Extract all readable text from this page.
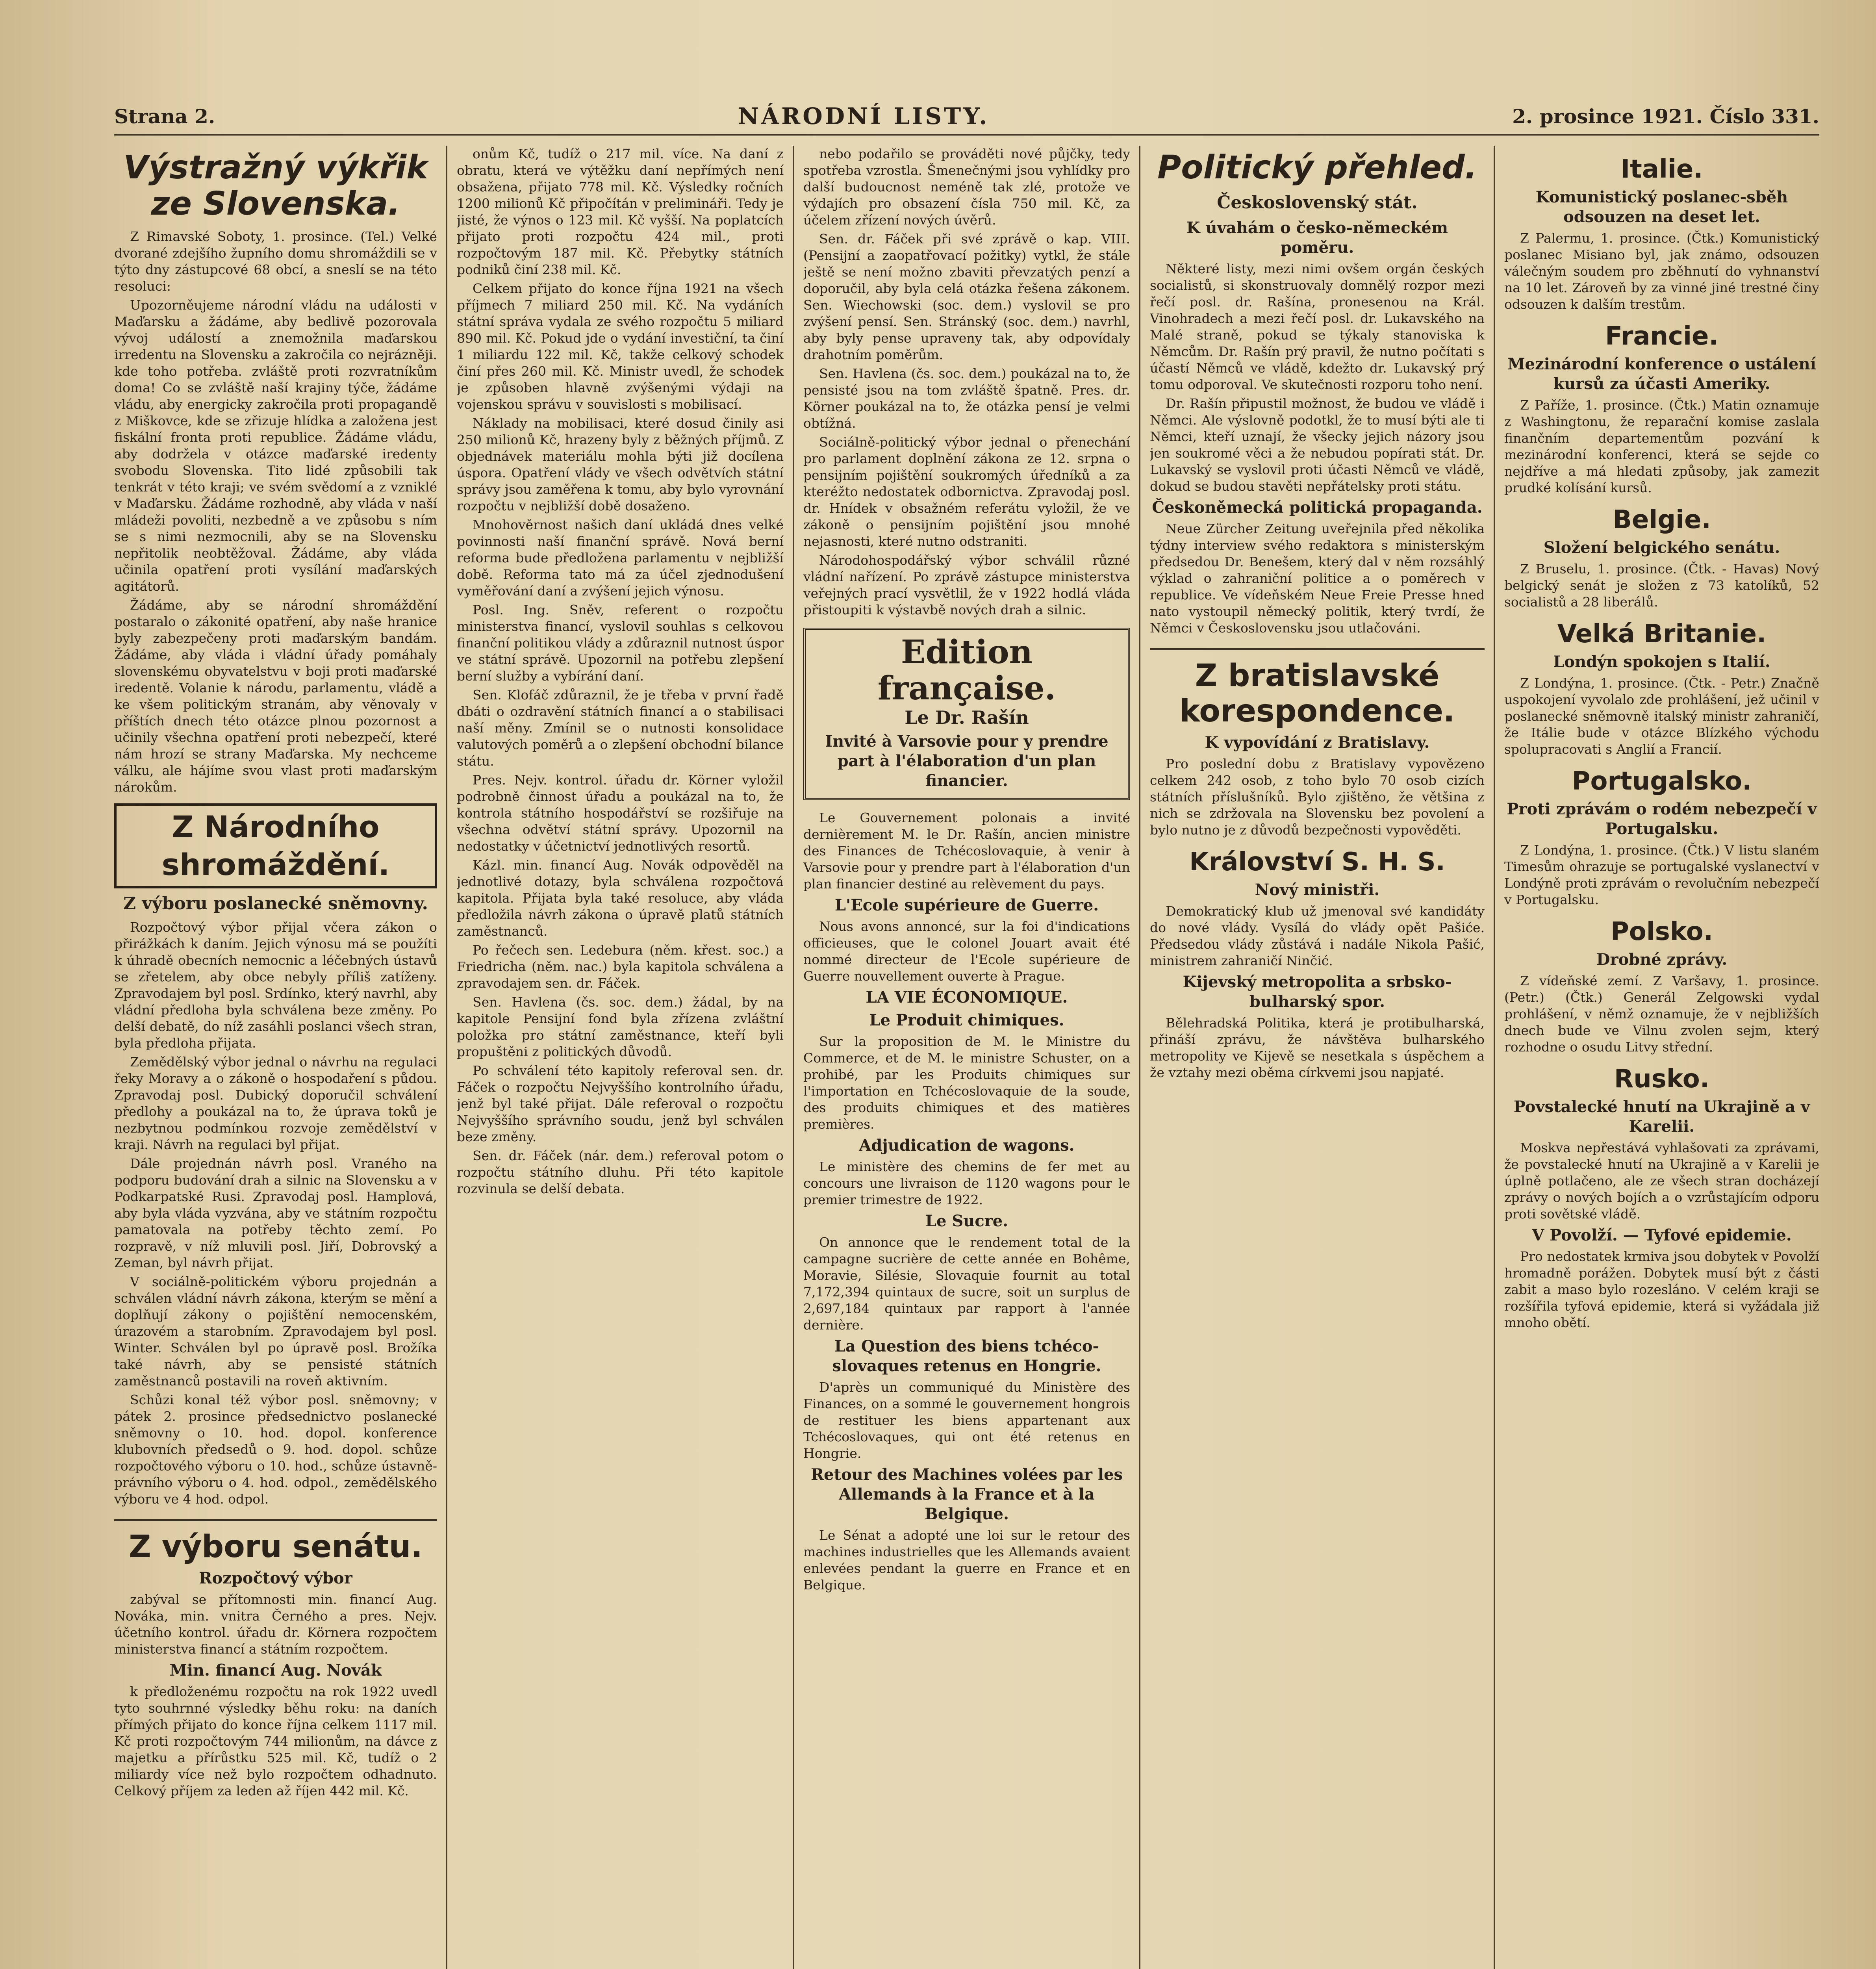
Strana 2.	NÁRODNÍ LISTY.	2. prosince 1921. Číslo 331.
Výstražný výkřik ze Slovenska.

Z Rimavské Soboty, 1. prosince. (Tel.) Velké dvorané zdejšího župního domu shromáždili se v týto dny zástupcové 68 obcí, a sneslí se na této resoluci:

Upozorněujeme národní vládu na události v Maďarsku a žádáme, aby bedlivě pozorovala vývoj událostí a znemožnila maďarskou irredentu na Slovensku a zakročila co nejrázněji. kde toho potřeba. zvláště proti rozvratníkům doma! Co se zvláště naší krajiny týče, žádáme vládu, aby energicky zakročila proti propagandě z Miškovce, kde se zřizuje hlídka a založena jest fiskální fronta proti republice. Žádáme vládu, aby dodržela v otázce maďarské iredenty svobodu Slovenska. Tito lidé způsobili tak tenkrát v této kraji; ve svém svědomí a z vzniklé v Maďarsku. Žádáme rozhodně, aby vláda v naší mládeži povoliti, nezbedně a ve způsobu s ním se s nimi nezmocnili, aby se na Slovensku nepřitolik neobtěžoval. Žádáme, aby vláda učinila opatření proti vysílání maďarských agitátorů.

Žádáme, aby se národní shromáždění postaralo o zákonité opatření, aby naše hranice byly zabezpečeny proti maďarským bandám. Žádáme, aby vláda i vládní úřady pomáhaly slovenskému obyvatelstvu v boji proti maďarské iredentě. Volanie k národu, parlamentu, vládě a ke všem politickým stranám, aby věnovaly v příštích dnech této otázce plnou pozornost a učinily všechna opatření proti nebezpečí, které nám hrozí se strany Maďarska. My nechceme válku, ale hájíme svou vlast proti maďarským nárokům.

Z Národního shromáždění.
Z výboru poslanecké sněmovny.

Rozpočtový výbor přijal včera zákon o přirážkách k daním. Jejich výnosu má se použíti k úhradě obecních nemocnic a léčebných ústavů se zřetelem, aby obce nebyly příliš zatíženy. Zpravodajem byl posl. Srdínko, který navrhl, aby vládní předloha byla schválena beze změny. Po delší debatě, do níž zasáhli poslanci všech stran, byla předloha přijata.

Zemědělský výbor jednal o návrhu na regulaci řeky Moravy a o zákoně o hospodaření s půdou. Zpravodaj posl. Dubický doporučil schválení předlohy a poukázal na to, že úprava toků je nezbytnou podmínkou rozvoje zemědělství v kraji. Návrh na regulaci byl přijat.

Dále projednán návrh posl. Vraného na podporu budování drah a silnic na Slovensku a v Podkarpatské Rusi. Zpravodaj posl. Hamplová, aby byla vláda vyzvána, aby ve státním rozpočtu pamatovala na potřeby těchto zemí. Po rozpravě, v níž mluvili posl. Jiří, Dobrovský a Zeman, byl návrh přijat.

V sociálně-politickém výboru projednán a schválen vládní návrh zákona, kterým se mění a doplňují zákony o pojištění nemocenském, úrazovém a starobním. Zpravodajem byl posl. Winter. Schválen byl po úpravě posl. Brožíka také návrh, aby se pensisté státních zaměstnanců postavili na roveň aktivním.

Schůzi konal též výbor posl. sněmovny; v pátek 2. prosince předsednictvo poslanecké sněmovny o 10. hod. dopol. konference klubovních předsedů o 9. hod. dopol. schůze rozpočtového výboru o 10. hod., schůze ústavně-právního výboru o 4. hod. odpol., zemědělského výboru ve 4 hod. odpol.

Z výboru senátu.
Rozpočtový výbor

zabýval se přítomnosti min. financí Aug. Nováka, min. vnitra Černého a pres. Nejv. účetního kontrol. úřadu dr. Körnera rozpočtem ministerstva financí a státním rozpočtem.

Min. financí Aug. Novák

k předloženému rozpočtu na rok 1922 uvedl tyto souhrnné výsledky běhu roku: na daních přímých přijato do konce října celkem 1117 mil. Kč proti rozpočtovým 744 milionům, na dávce z majetku a přírůstku 525 mil. Kč, tudíž o 2 miliardy více než bylo rozpočtem odhadnuto. Celkový příjem za leden až říjen 442 mil. Kč.

onům Kč, tudíž o 217 mil. více. Na daní z obratu, která ve výtěžku daní nepřímých není obsažena, přijato 778 mil. Kč. Výsledky ročních 1200 milionů Kč připočítán v prelimináři. Tedy je jisté, že výnos o 123 mil. Kč vyšší. Na poplatcích přijato proti rozpočtu 424 mil., proti rozpočtovým 187 mil. Kč. Přebytky státních podniků činí 238 mil. Kč.

Celkem přijato do konce října 1921 na všech příjmech 7 miliard 250 mil. Kč. Na vydáních státní správa vydala ze svého rozpočtu 5 miliard 890 mil. Kč. Pokud jde o vydání investiční, ta činí 1 miliardu 122 mil. Kč, takže celkový schodek činí přes 260 mil. Kč. Ministr uvedl, že schodek je způsoben hlavně zvýšenými výdaji na vojenskou správu v souvislosti s mobilisací.

Náklady na mobilisaci, které dosud činily asi 250 milionů Kč, hrazeny byly z běžných příjmů. Z objednávek materiálu mohla býti již docílena úspora. Opatření vlády ve všech odvětvích státní správy jsou zaměřena k tomu, aby bylo vyrovnání rozpočtu v nejbližší době dosaženo.

Mnohověrnost našich daní ukládá dnes velké povinnosti naší finanční správě. Nová berní reforma bude předložena parlamentu v nejbližší době. Reforma tato má za účel zjednodušení vyměřování daní a zvýšení jejich výnosu.

Posl. Ing. Sněv, referent o rozpočtu ministerstva financí, vyslovil souhlas s celkovou finanční politikou vlády a zdůraznil nutnost úspor ve státní správě. Upozornil na potřebu zlepšení berní služby a vybírání daní.

Sen. Klofáč zdůraznil, že je třeba v první řadě dbáti o ozdravění státních financí a o stabilisaci naší měny. Zmínil se o nutnosti konsolidace valutových poměrů a o zlepšení obchodní bilance státu.

Pres. Nejv. kontrol. úřadu dr. Körner vyložil podrobně činnost úřadu a poukázal na to, že kontrola státního hospodářství se rozšiřuje na všechna odvětví státní správy. Upozornil na nedostatky v účetnictví jednotlivých resortů.

Kázl. min. financí Aug. Novák odpověděl na jednotlivé dotazy, byla schválena rozpočtová kapitola. Přijata byla také resoluce, aby vláda předložila návrh zákona o úpravě platů státních zaměstnanců.

Po řečech sen. Ledebura (něm. křest. soc.) a Friedricha (něm. nac.) byla kapitola schválena a zpravodajem sen. dr. Fáček.

Sen. Havlena (čs. soc. dem.) žádal, by na kapitole Pensijní fond byla zřízena zvláštní položka pro státní zaměstnance, kteří byli propuštěni z politických důvodů.

Po schválení této kapitoly referoval sen. dr. Fáček o rozpočtu Nejvyššího kontrolního úřadu, jenž byl také přijat. Dále referoval o rozpočtu Nejvyššího správního soudu, jenž byl schválen beze změny.

Sen. dr. Fáček (nár. dem.) referoval potom o rozpočtu státního dluhu. Při této kapitole rozvinula se delší debata.

nebo podařilo se prováděti nové půjčky, tedy spotřeba vzrostla. Šmenečnými jsou vyhlídky pro další budoucnost neméně tak zlé, protože ve výdajích pro obsazení čísla 750 mil. Kč, za účelem zřízení nových úvěrů.

Sen. dr. Fáček při své zprávě o kap. VIII. (Pensijní a zaopatřovací požitky) vytkl, že stále ještě se není možno zbaviti převzatých penzí a doporučil, aby byla celá otázka řešena zákonem. Sen. Wiechowski (soc. dem.) vyslovil se pro zvýšení pensí. Sen. Stránský (soc. dem.) navrhl, aby byly pense upraveny tak, aby odpovídaly drahotním poměrům.

Sen. Havlena (čs. soc. dem.) poukázal na to, že pensisté jsou na tom zvláště špatně. Pres. dr. Körner poukázal na to, že otázka pensí je velmi obtížná.

Sociálně-politický výbor jednal o přenechání pro parlament doplnění zákona ze 12. srpna o pensijním pojištění soukromých úředníků a za kteréžto nedostatek odbornictva. Zpravodaj posl. dr. Hnídek v obsažném referátu vyložil, že ve zákoně o pensijním pojištění jsou mnohé nejasnosti, které nutno odstraniti.

Národohospodářský výbor schválil různé vládní nařízení. Po zprávě zástupce ministerstva veřejných prací vysvětlil, že v 1922 hodlá vláda přistoupiti k výstavbě nových drah a silnic.

Edition française.
Le Dr. Rašín
Invité à Varsovie pour y prendre part à l'élaboration d'un plan financier.

Le Gouvernement polonais a invité dernièrement M. le Dr. Rašín, ancien ministre des Finances de Tchécoslovaquie, à venir à Varsovie pour y prendre part à l'élaboration d'un plan financier destiné au relèvement du pays.

L'Ecole supérieure de Guerre.

Nous avons annoncé, sur la foi d'indications officieuses, que le colonel Jouart avait été nommé directeur de l'Ecole supérieure de Guerre nouvellement ouverte à Prague.

LA VIE ÉCONOMIQUE.
Le Produit chimiques.

Sur la proposition de M. le Ministre du Commerce, et de M. le ministre Schuster, on a prohibé, par les Produits chimiques sur l'importation en Tchécoslovaquie de la soude, des produits chimiques et des matières premières.

Adjudication de wagons.

Le ministère des chemins de fer met au concours une livraison de 1120 wagons pour le premier trimestre de 1922.

Le Sucre.

On annonce que le rendement total de la campagne sucrière de cette année en Bohême, Moravie, Silésie, Slovaquie fournit au total 7,172,394 quintaux de sucre, soit un surplus de 2,697,184 quintaux par rapport à l'année dernière.

La Question des biens tchéco-slovaques retenus en Hongrie.

D'après un communiqué du Ministère des Finances, on a sommé le gouvernement hongrois de restituer les biens appartenant aux Tchécoslovaques, qui ont été retenus en Hongrie.

Retour des Machines volées par les Allemands à la France et à la Belgique.

Le Sénat a adopté une loi sur le retour des machines industrielles que les Allemands avaient enlevées pendant la guerre en France et en Belgique.

Politický přehled.
Československý stát.
K úvahám o česko-německém poměru.

Některé listy, mezi nimi ovšem orgán českých socialistů, si skonstruovaly domnělý rozpor mezi řečí posl. dr. Rašína, pronesenou na Král. Vinohradech a mezi řečí posl. dr. Lukavského na Malé straně, pokud se týkaly stanoviska k Němcům. Dr. Rašín prý pravil, že nutno počítati s účastí Němců ve vládě, kdežto dr. Lukavský prý tomu odporoval. Ve skutečnosti rozporu toho není.

Dr. Rašín připustil možnost, že budou ve vládě i Němci. Ale výslovně podotkl, že to musí býti ale ti Němci, kteří uznají, že všecky jejich názory jsou jen soukromé věci a že nebudou popírati stát. Dr. Lukavský se vyslovil proti účasti Němců ve vládě, dokud se budou stavěti nepřátelsky proti státu.

Českoněmecká politická propaganda.

Neue Zürcher Zeitung uveřejnila před několika týdny interview svého redaktora s ministerským předsedou Dr. Benešem, který dal v něm rozsáhlý výklad o zahraniční politice a o poměrech v republice. Ve vídeňském Neue Freie Presse hned nato vystoupil německý politik, který tvrdí, že Němci v Československu jsou utlačováni.

Z bratislavské korespondence.
K vypovídání z Bratislavy.

Pro poslední dobu z Bratislavy vypovězeno celkem 242 osob, z toho bylo 70 osob cizích státních příslušníků. Bylo zjištěno, že většina z nich se zdržovala na Slovensku bez povolení a bylo nutno je z důvodů bezpečnosti vypověděti.

Království S. H. S.
Nový ministři.

Demokratický klub už jmenoval své kandidáty do nové vlády. Vysílá do vlády opět Pašiće. Předsedou vlády zůstává i nadále Nikola Pašić, ministrem zahraničí Ninčić.

Kijevský metropolita a srbsko-bulharský spor.

Bělehradská Politika, která je protibulharská, přináší zprávu, že návštěva bulharského metropolity ve Kijevě se nesetkala s úspěchem a že vztahy mezi oběma církvemi jsou napjaté.

Italie.
Komunistický poslanec-sběh odsouzen na deset let.

Z Palermu, 1. prosince. (Čtk.) Komunistický poslanec Misiano byl, jak známo, odsouzen válečným soudem pro zběhnutí do vyhnanství na 10 let. Zároveň by za vinné jiné trestné činy odsouzen k dalším trestům.

Francie.
Mezinárodní konference o ustálení kursů za účasti Ameriky.

Z Paříže, 1. prosince. (Čtk.) Matin oznamuje z Washingtonu, že reparační komise zaslala finančním departementům pozvání k mezinárodní konferenci, která se sejde co nejdříve a má hledati způsoby, jak zamezit prudké kolísání kursů.

Belgie.
Složení belgického senátu.

Z Bruselu, 1. prosince. (Čtk. - Havas) Nový belgický senát je složen z 73 katolíků, 52 socialistů a 28 liberálů.

Velká Britanie.
Londýn spokojen s Italií.

Z Londýna, 1. prosince. (Čtk. - Petr.) Značně uspokojení vyvolalo zde prohlášení, jež učinil v poslanecké sněmovně italský ministr zahraničí, že Itálie bude v otázce Blízkého východu spolupracovati s Anglií a Francií.

Portugalsko.
Proti zprávám o rodém nebezpečí v Portugalsku.

Z Londýna, 1. prosince. (Čtk.) V listu slaném Timesům ohrazuje se portugalské vyslanectví v Londýně proti zprávám o revolučním nebezpečí v Portugalsku.

Polsko.
Drobné zprávy.

Z vídeňské zemí. Z Varšavy, 1. prosince. (Petr.) (Čtk.) Generál Zelgowski vydal prohlášení, v němž oznamuje, že v nejbližších dnech bude ve Vilnu zvolen sejm, který rozhodne o osudu Litvy střední.

Rusko.
Povstalecké hnutí na Ukrajině a v Karelii.

Moskva nepřestává vyhlašovati za zprávami, že povstalecké hnutí na Ukrajině a v Karelii je úplně potlačeno, ale ze všech stran docházejí zprávy o nových bojích a o vzrůstajícím odporu proti sovětské vládě.

V Povolží. — Tyfové epidemie.

Pro nedostatek krmiva jsou dobytek v Povolží hromadně porážen. Dobytek musí být z části zabit a maso bylo rozesláno. V celém kraji se rozšířila tyfová epidemie, která si vyžádala již mnoho obětí.
